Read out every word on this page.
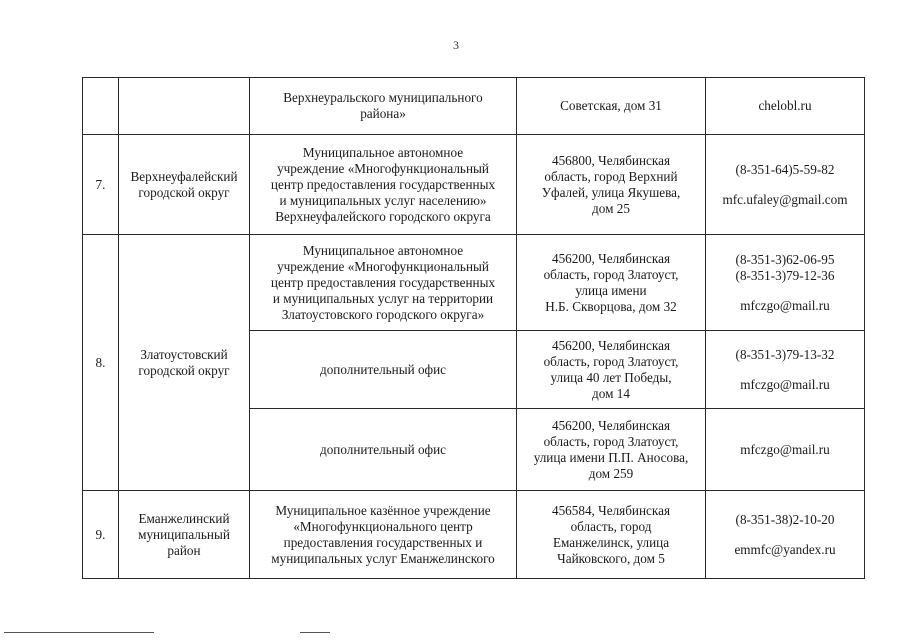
3

		Верхнеуральского муниципального
района»	Советская, дом 31	chelobl.ru

7.	Верхнеуфалейский
городской округ	Муниципальное автономное
учреждение «Многофункциональный
центр предоставления государственных
и муниципальных услуг населению»
Верхнеуфалейского городского округа	456800, Челябинская
область, город Верхний
Уфалей, улица Якушева,
дом 25	(8-351-64)5-59-82
mfc.ufaley@gmail.com

8.	Златоустовский
городской округ	Муниципальное автономное
учреждение «Многофункциональный
центр предоставления государственных
и муниципальных услуг на территории
Златоустовского городского округа»	456200, Челябинская
область, город Златоуст,
улица имени
Н.Б. Скворцова, дом 32	(8-351-3)62-06-95
(8-351-3)79-12-36
mfczgo@mail.ru

		дополнительный офис	456200, Челябинская
область, город Златоуст,
улица 40 лет Победы,
дом 14	(8-351-3)79-13-32
mfczgo@mail.ru

		дополнительный офис	456200, Челябинская
область, город Златоуст,
улица имени П.П. Аносова,
дом 259	mfczgo@mail.ru

9.	Еманжелинский
муниципальный
район	Муниципальное казённое учреждение
«Многофункционального центр
предоставления государственных и
муниципальных услуг Еманжелинского	456584, Челябинская
область, город
Еманжелинск, улица
Чайковского, дом 5	(8-351-38)2-10-20
emmfc@yandex.ru
